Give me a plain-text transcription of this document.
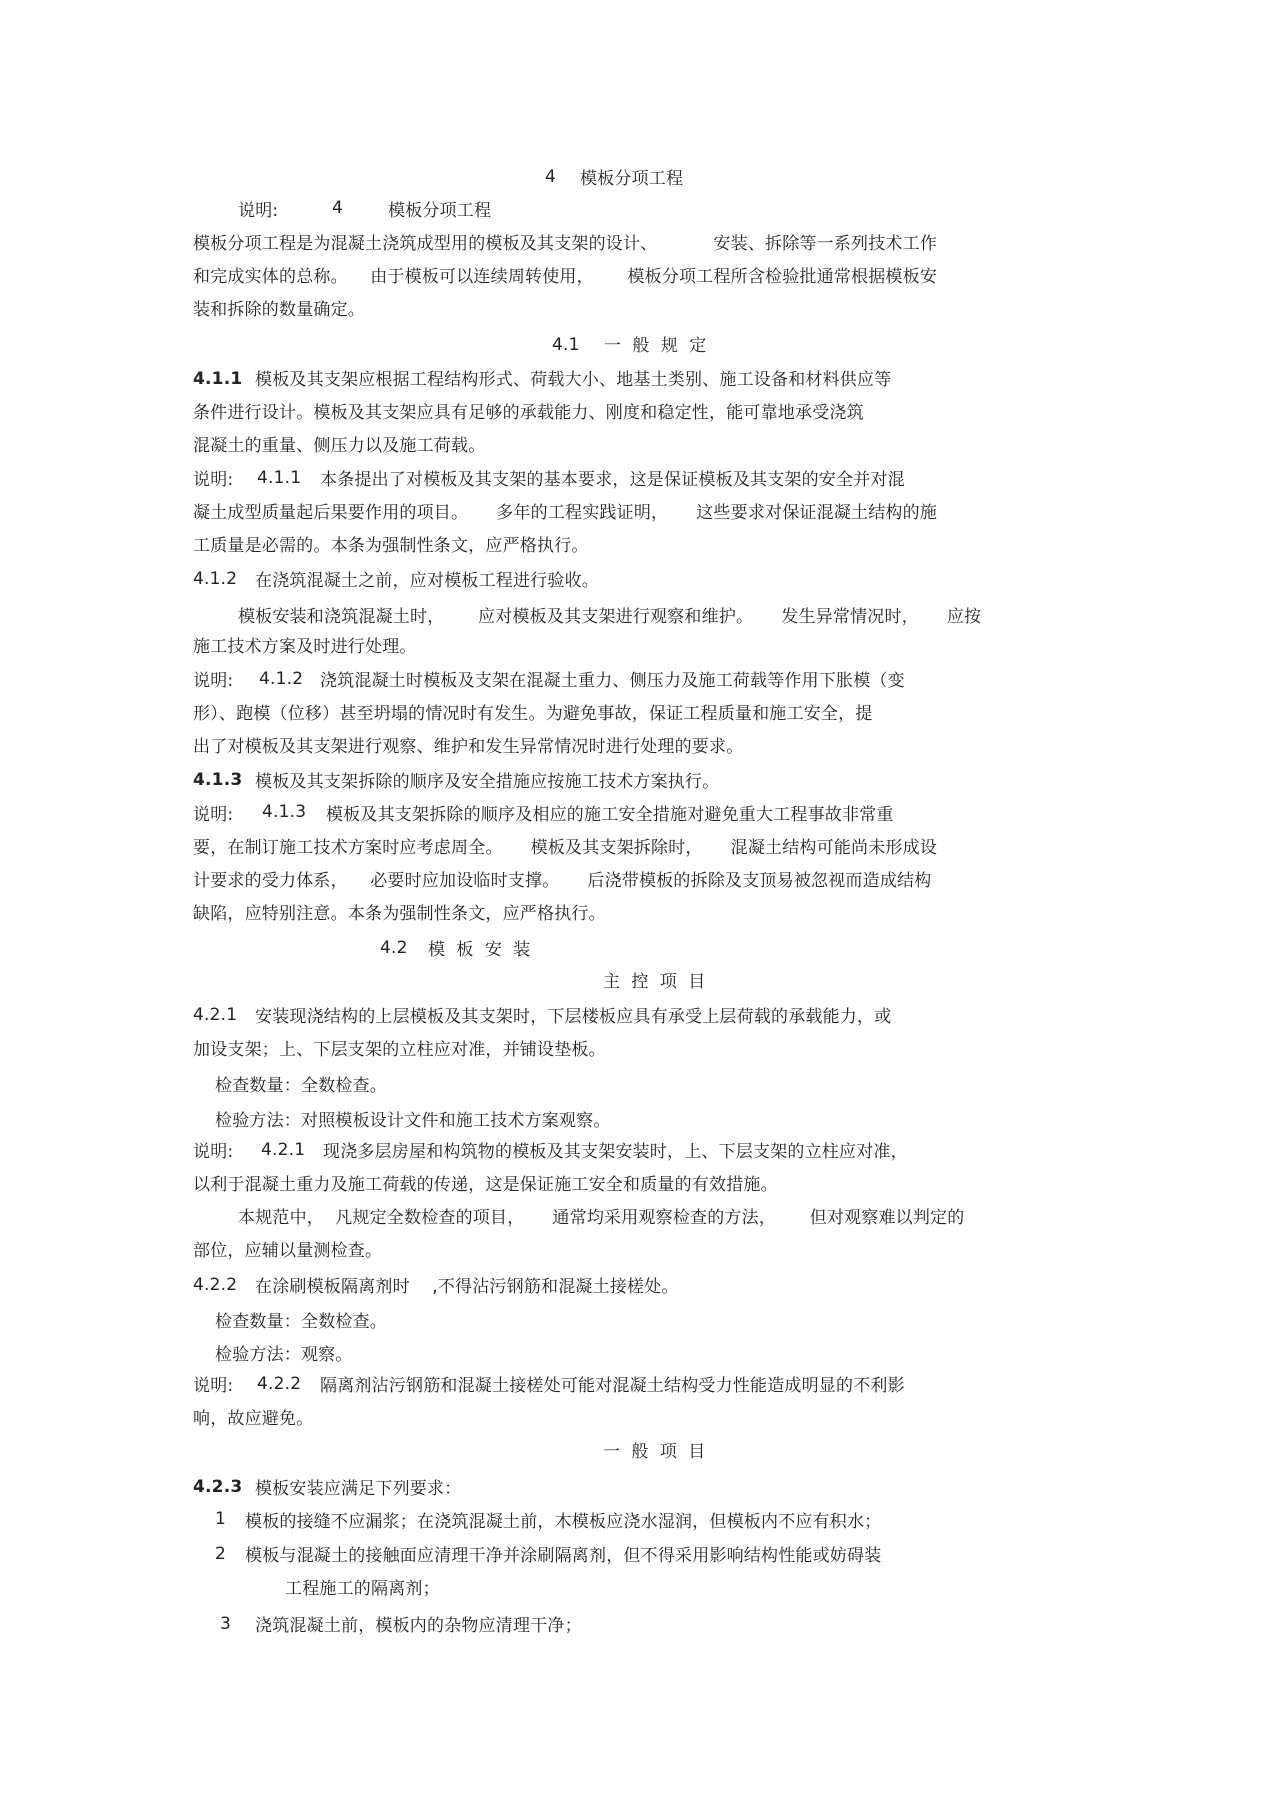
4 模板分项工程
说明:	4	模板分项工程
模板分项工程是为混凝土浇筑成型用的模板及其支架的设计、          安装、拆除等一系列技术工作
和完成实体的总称。    由于模板可以连续周转使用，      模板分项工程所含检验批通常根据模板安
装和拆除的数量确定。
4.1 一  般  规  定
4.1.1 模板及其支架应根据工程结构形式、荷载大小、地基土类别、施工设备和材料供应等
条件进行设计。模板及其支架应具有足够的承载能力、刚度和稳定性，能可靠地承受浇筑
混凝土的重量、侧压力以及施工荷载。
说明: 4.1.1 本条提出了对模板及其支架的基本要求，这是保证模板及其支架的安全并对混
凝土成型质量起后果要作用的项目。     多年的工程实践证明，     这些要求对保证混凝土结构的施
工质量是必需的。本条为强制性条文，应严格执行。
4.1.2 在浇筑混凝土之前，应对模板工程进行验收。
模板安装和浇筑混凝土时，      应对模板及其支架进行观察和维护。     发生异常情况时，     应按
施工技术方案及时进行处理。
说明: 4.1.2 浇筑混凝土时模板及支架在混凝土重力、侧压力及施工荷载等作用下胀模（变
形）、跑模（位移）甚至坍塌的情况时有发生。为避免事故，保证工程质量和施工安全，提
出了对模板及其支架进行观察、维护和发生异常情况时进行处理的要求。
4.1.3 模板及其支架拆除的顺序及安全措施应按施工技术方案执行。
说明: 4.1.3 模板及其支架拆除的顺序及相应的施工安全措施对避免重大工程事故非常重
要，在制订施工技术方案时应考虑周全。     模板及其支架拆除时，     混凝土结构可能尚未形成设
计要求的受力体系，    必要时应加设临时支撑。     后浇带模板的拆除及支顶易被忽视而造成结构
缺陷，应特别注意。本条为强制性条文，应严格执行。
4.2 模  板  安  装
主  控  项  目
4.2.1 安装现浇结构的上层模板及其支架时，下层楼板应具有承受上层荷载的承载能力，或
加设支架；上、下层支架的立柱应对准，并铺设垫板。
检查数量：全数检查。
检验方法：对照模板设计文件和施工技术方案观察。
说明: 4.2.1 现浇多层房屋和构筑物的模板及其支架安装时，上、下层支架的立柱应对准，
以利于混凝土重力及施工荷载的传递，这是保证施工安全和质量的有效措施。
本规范中，  凡规定全数检查的项目，     通常均采用观察检查的方法，      但对观察难以判定的
部位，应辅以量测检查。
4.2.2 在涂刷模板隔离剂时    ,不得沾污钢筋和混凝土接槎处。
检查数量：全数检查。
检验方法：观察。
说明: 4.2.2 隔离剂沾污钢筋和混凝土接槎处可能对混凝土结构受力性能造成明显的不利影
响，故应避免。
一  般  项  目
4.2.3 模板安装应满足下列要求：
1 模板的接缝不应漏浆；在浇筑混凝土前，木模板应浇水湿润，但模板内不应有积水；
2 模板与混凝土的接触面应清理干净并涂刷隔离剂，但不得采用影响结构性能或妨碍装
工程施工的隔离剂；
3 浇筑混凝土前，模板内的杂物应清理干净；
